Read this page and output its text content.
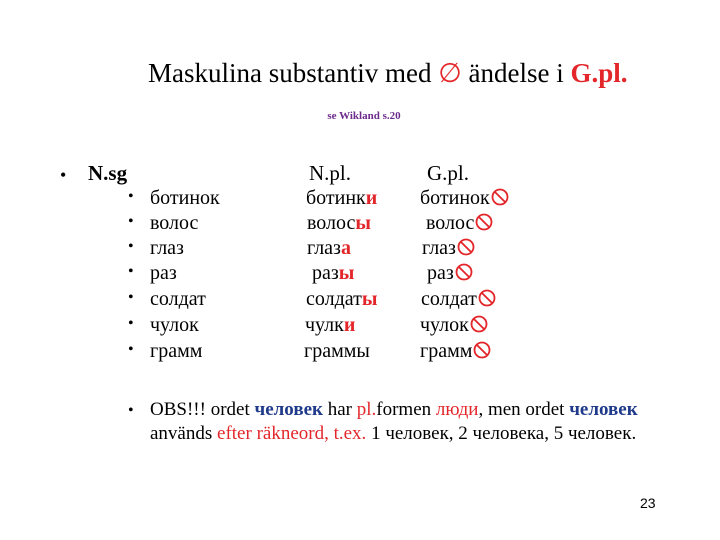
Maskulina substantiv med ∅ ändelse i G.pl.
se Wikland s.20
• N.sg	N.pl.	G.pl.
• ботинок	ботинки ботинок
• волос	волосы	волос
• глаз	глаза	глаз
• раз	разы	раз
• солдат	солдаты солдат
• чулок	чулки	чулок
• грамм	граммы	грамм
• OBS!!! ordet человек har pl.formen люди, men ordet человек används efter räkneord, t.ex. 1 человек, 2 человека, 5 человек.
23
